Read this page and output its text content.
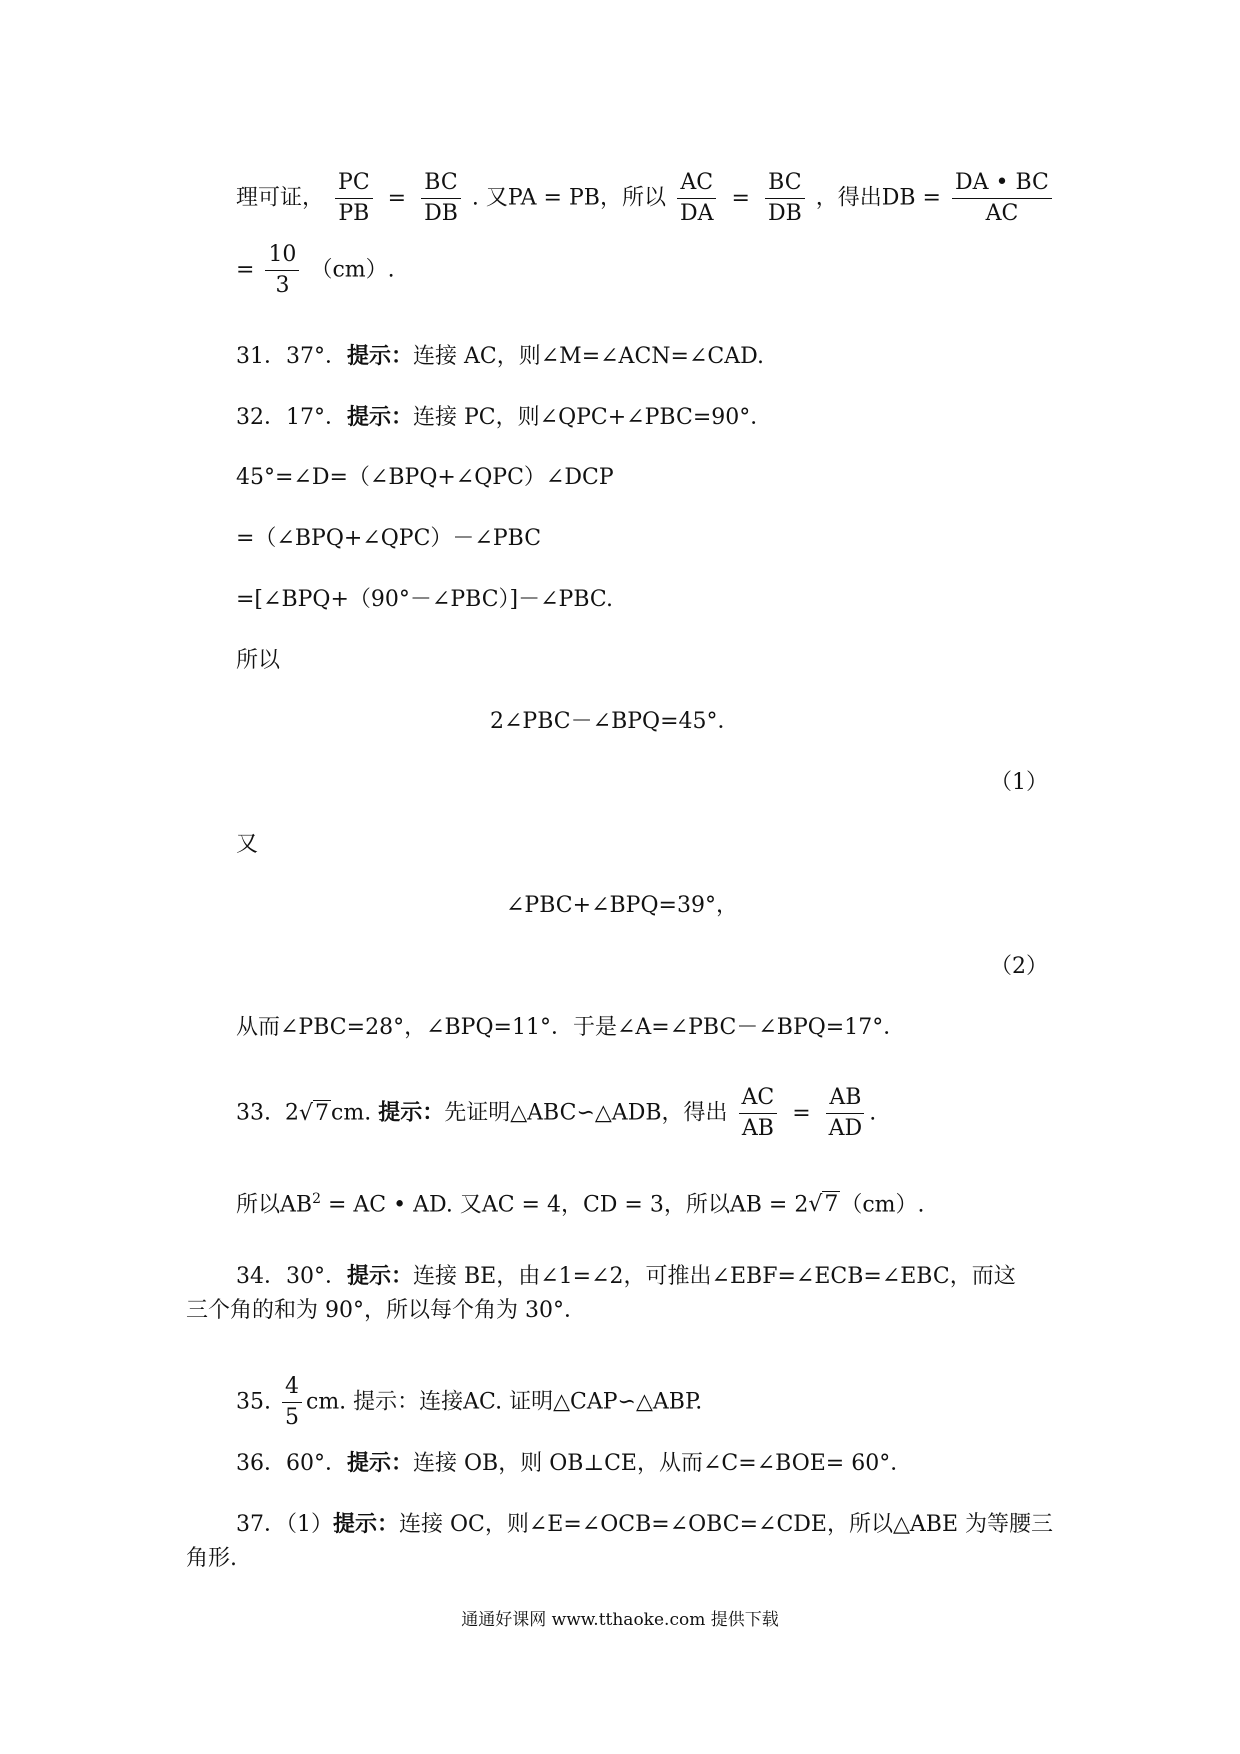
理可证， $\frac{PC}{PB} = \frac{BC}{DB}$ . 又PA = PB，所以 $\frac{AC}{DA} = \frac{BC}{DB}$ ，得出DB = $\frac{DA • BC}{AC}$
= $\frac{10}{3} (cm)$.
31．37°．提示：连接 AC，则∠M=∠ACN=∠CAD.
32．17°．提示：连接 PC，则∠QPC+∠PBC=90°．
45°=∠D=（∠BPQ+∠QPC）∠DCP
=（∠BPQ+∠QPC）－∠PBC
=[∠BPQ+（90°－∠PBC）]－∠PBC.
所以
2∠PBC－∠BPQ=45°．
（1）
又
∠PBC+∠BPQ=39°，
（2）
从而∠PBC=28°，∠BPQ=11°．于是∠A=∠PBC－∠BPQ=17°．
33. 2√7cm. 提示：先证明△ABC∽△ADB，得出 $\frac{AC}{AB} = \frac{AB}{AD}$ .
所以$AB^2$ = AC • AD. 又AC = 4，CD = 3，所以AB = 2√7（cm）.
34．30°．提示：连接 BE，由∠1=∠2，可推出∠EBF=∠ECB=∠EBC，而这
三个角的和为 90°，所以每个角为 30°．
35. $\frac{4}{5}$ cm. 提示：连接AC. 证明△CAP∽△ABP.
36．60°．提示：连接 OB，则 OB⊥CE，从而∠C=∠BOE= 60°．
37．（1）提示：连接 OC，则∠E=∠OCB=∠OBC=∠CDE，所以△ABE 为等腰三
角形.
通通好课网 www.tthaoke.com 提供下载
